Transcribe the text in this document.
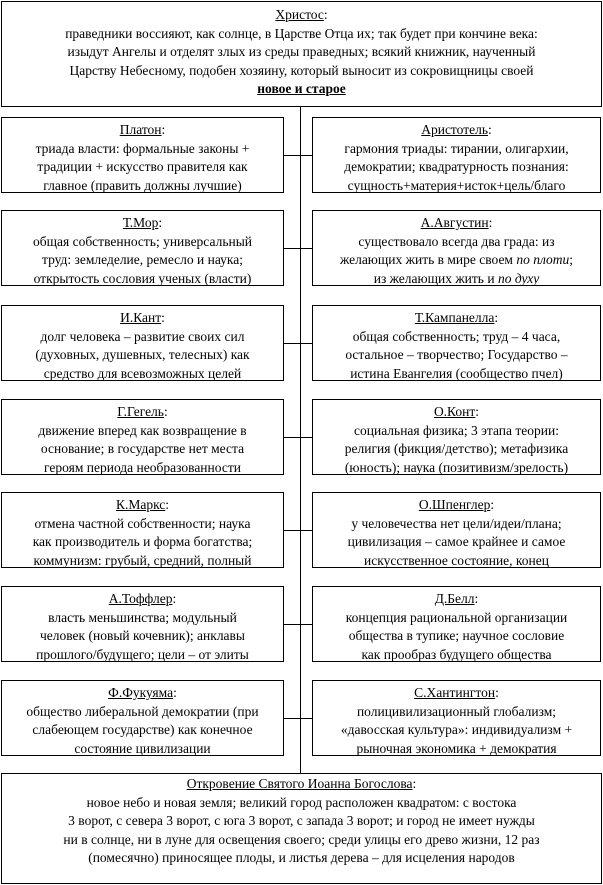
Христос:
праведники воссияют, как солнце, в Царстве Отца их; так будет при кончине века:
изыдут Ангелы и отделят злых из среды праведных; всякий книжник, наученный
Царству Небесному, подобен хозяину, который выносит из сокровищницы своей
новое и старое
Платон:
триада власти: формальные законы +
традиции + искусство правителя как
главное (править должны лучшие)
Т.Мор:
общая собственность; универсальный
труд: земледелие, ремесло и наука;
открытость сословия ученых (власти)
И.Кант:
долг человека – развитие своих сил
(духовных, душевных, телесных) как
средство для всевозможных целей
Г.Гегель:
движение вперед как возвращение в
основание; в государстве нет места
героям периода необразованности
К.Маркс:
отмена частной собственности; наука
как производитель и форма богатства;
коммунизм: грубый, средний, полный
А.Тоффлер:
власть меньшинства; модульный
человек (новый кочевник); анклавы
прошлого/будущего; цели – от элиты
Ф.Фукуяма:
общество либеральной демократии (при
слабеющем государстве) как конечное
состояние цивилизации
Аристотель:
гармония триады: тирании, олигархии,
демократии; квадратурность познания:
сущность+материя+исток+цель/благо
А.Августин:
существовало всегда два града: из
желающих жить в мире своем по плоти;
из желающих жить и по духу
Т.Кампанелла:
общая собственность; труд – 4 часа,
остальное – творчество; Государство –
истина Евангелия (сообщество пчел)
О.Конт:
социальная физика; 3 этапа теории:
религия (фикция/детство); метафизика
(юность); наука (позитивизм/зрелость)
О.Шпенглер:
у человечества нет цели/идеи/плана;
цивилизация – самое крайнее и самое
искусственное состояние, конец
Д.Белл:
концепция рациональной организации
общества в тупике; научное сословие
как прообраз будущего общества
С.Хантингтон:
полицивилизационный глобализм;
«давосская культура»: индивидуализм +
рыночная экономика + демократия
Откровение Святого Иоанна Богослова:
новое небо и новая земля; великий город расположен квадратом: с востока
3 ворот, с севера 3 ворот, с юга 3 ворот, с запада 3 ворот; и город не имеет нужды
ни в солнце, ни в луне для освещения своего; среди улицы его древо жизни, 12 раз
(помесячно) приносящее плоды, и листья дерева – для исцеления народов
